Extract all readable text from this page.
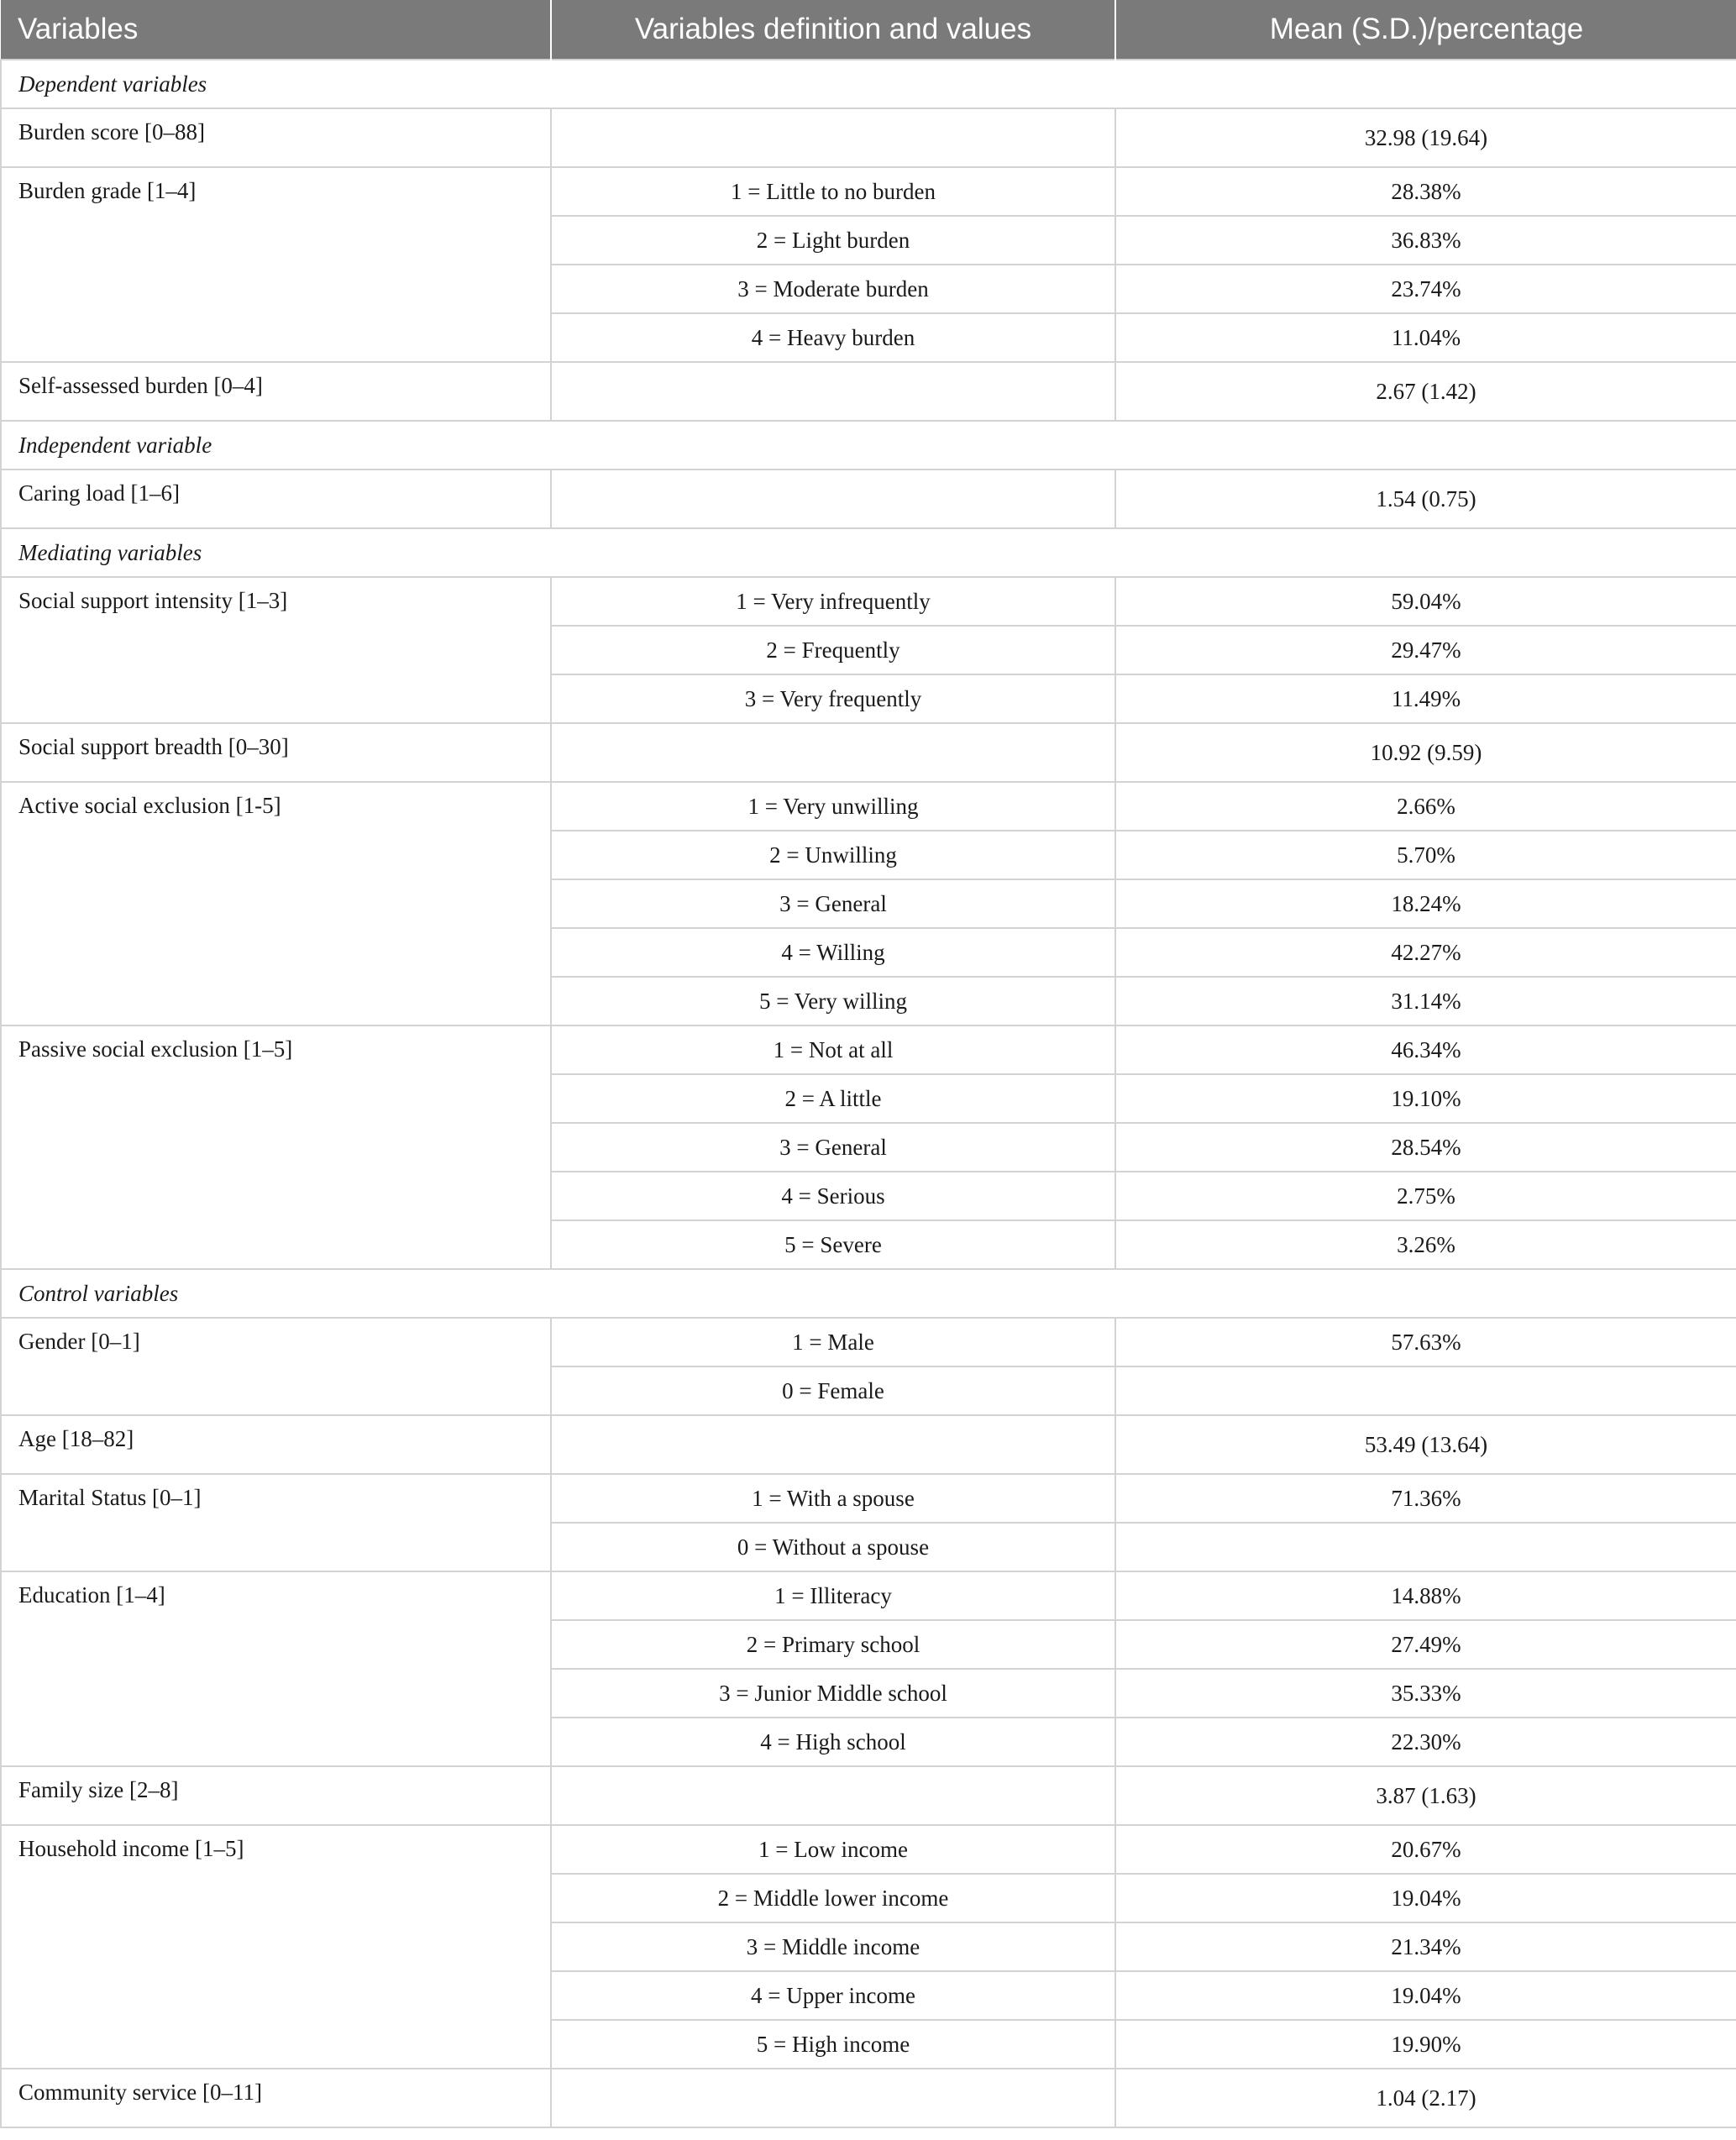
Variables	Variables definition and values	Mean (S.D.)/percentage
Dependent variables		
Burden score [0–88]		32.98 (19.64)
Burden grade [1–4]	1 = Little to no burden	28.38%
	2 = Light burden	36.83%
	3 = Moderate burden	23.74%
	4 = Heavy burden	11.04%
Self-assessed burden [0–4]		2.67 (1.42)
Independent variable		
Caring load [1–6]		1.54 (0.75)
Mediating variables		
Social support intensity [1–3]	1 = Very infrequently	59.04%
	2 = Frequently	29.47%
	3 = Very frequently	11.49%
Social support breadth [0–30]		10.92 (9.59)
Active social exclusion [1-5]	1 = Very unwilling	2.66%
	2 = Unwilling	5.70%
	3 = General	18.24%
	4 = Willing	42.27%
	5 = Very willing	31.14%
Passive social exclusion [1–5]	1 = Not at all	46.34%
	2 = A little	19.10%
	3 = General	28.54%
	4 = Serious	2.75%
	5 = Severe	3.26%
Control variables		
Gender [0–1]	1 = Male	57.63%
	0 = Female	
Age [18–82]		53.49 (13.64)
Marital Status [0–1]	1 = With a spouse	71.36%
	0 = Without a spouse	
Education [1–4]	1 = Illiteracy	14.88%
	2 = Primary school	27.49%
	3 = Junior Middle school	35.33%
	4 = High school	22.30%
Family size [2–8]		3.87 (1.63)
Household income [1–5]	1 = Low income	20.67%
	2 = Middle lower income	19.04%
	3 = Middle income	21.34%
	4 = Upper income	19.04%
	5 = High income	19.90%
Community service [0–11]		1.04 (2.17)
